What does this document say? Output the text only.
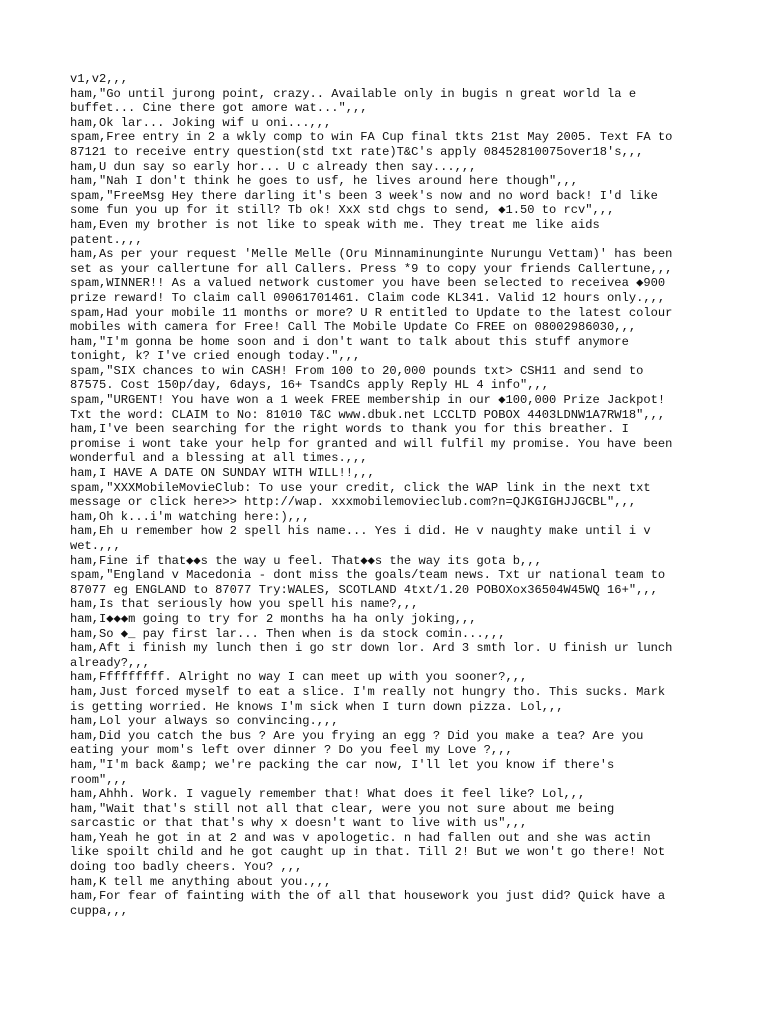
v1,v2,,,
ham,"Go until jurong point, crazy.. Available only in bugis n great world la e
buffet... Cine there got amore wat...",,,
ham,Ok lar... Joking wif u oni...,,,
spam,Free entry in 2 a wkly comp to win FA Cup final tkts 21st May 2005. Text FA to
87121 to receive entry question(std txt rate)T&C's apply 08452810075over18's,,,
ham,U dun say so early hor... U c already then say...,,,
ham,"Nah I don't think he goes to usf, he lives around here though",,,
spam,"FreeMsg Hey there darling it's been 3 week's now and no word back! I'd like
some fun you up for it still? Tb ok! XxX std chgs to send, ◆1.50 to rcv",,,
ham,Even my brother is not like to speak with me. They treat me like aids
patent.,,,
ham,As per your request 'Melle Melle (Oru Minnaminunginte Nurungu Vettam)' has been
set as your callertune for all Callers. Press *9 to copy your friends Callertune,,,
spam,WINNER!! As a valued network customer you have been selected to receivea ◆900
prize reward! To claim call 09061701461. Claim code KL341. Valid 12 hours only.,,,
spam,Had your mobile 11 months or more? U R entitled to Update to the latest colour
mobiles with camera for Free! Call The Mobile Update Co FREE on 08002986030,,,
ham,"I'm gonna be home soon and i don't want to talk about this stuff anymore
tonight, k? I've cried enough today.",,,
spam,"SIX chances to win CASH! From 100 to 20,000 pounds txt> CSH11 and send to
87575. Cost 150p/day, 6days, 16+ TsandCs apply Reply HL 4 info",,,
spam,"URGENT! You have won a 1 week FREE membership in our ◆100,000 Prize Jackpot!
Txt the word: CLAIM to No: 81010 T&C www.dbuk.net LCCLTD POBOX 4403LDNW1A7RW18",,,
ham,I've been searching for the right words to thank you for this breather. I
promise i wont take your help for granted and will fulfil my promise. You have been
wonderful and a blessing at all times.,,,
ham,I HAVE A DATE ON SUNDAY WITH WILL!!,,,
spam,"XXXMobileMovieClub: To use your credit, click the WAP link in the next txt
message or click here>> http://wap. xxxmobilemovieclub.com?n=QJKGIGHJJGCBL",,,
ham,Oh k...i'm watching here:),,,
ham,Eh u remember how 2 spell his name... Yes i did. He v naughty make until i v
wet.,,,
ham,Fine if that◆◆s the way u feel. That◆◆s the way its gota b,,,
spam,"England v Macedonia - dont miss the goals/team news. Txt ur national team to
87077 eg ENGLAND to 87077 Try:WALES, SCOTLAND 4txt/1.20 POBOXox36504W45WQ 16+",,,
ham,Is that seriously how you spell his name?,,,
ham,I◆◆◆m going to try for 2 months ha ha only joking,,,
ham,So ◆_ pay first lar... Then when is da stock comin...,,,
ham,Aft i finish my lunch then i go str down lor. Ard 3 smth lor. U finish ur lunch
already?,,,
ham,Fffffffff. Alright no way I can meet up with you sooner?,,,
ham,Just forced myself to eat a slice. I'm really not hungry tho. This sucks. Mark
is getting worried. He knows I'm sick when I turn down pizza. Lol,,,
ham,Lol your always so convincing.,,,
ham,Did you catch the bus ? Are you frying an egg ? Did you make a tea? Are you
eating your mom's left over dinner ? Do you feel my Love ?,,,
ham,"I'm back &amp; we're packing the car now, I'll let you know if there's
room",,,
ham,Ahhh. Work. I vaguely remember that! What does it feel like? Lol,,,
ham,"Wait that's still not all that clear, were you not sure about me being
sarcastic or that that's why x doesn't want to live with us",,,
ham,Yeah he got in at 2 and was v apologetic. n had fallen out and she was actin
like spoilt child and he got caught up in that. Till 2! But we won't go there! Not
doing too badly cheers. You? ,,,
ham,K tell me anything about you.,,,
ham,For fear of fainting with the of all that housework you just did? Quick have a
cuppa,,,
